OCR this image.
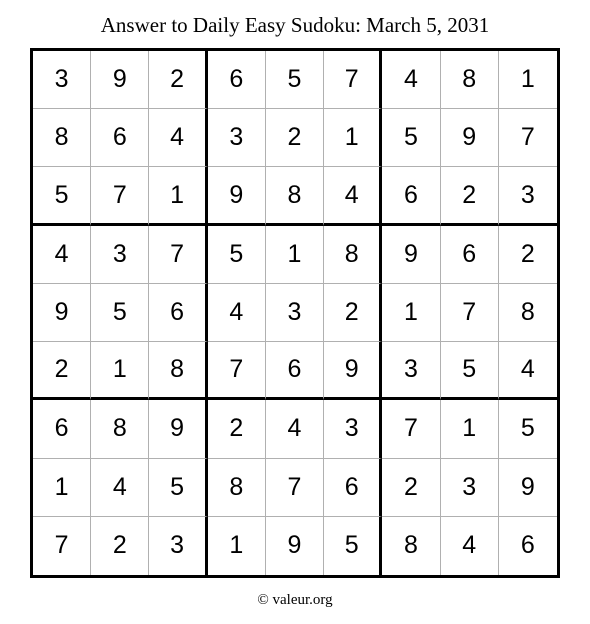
Answer to Daily Easy Sudoku: March 5, 2031
3	9	2	6	5	7	4	8	1
8	6	4	3	2	1	5	9	7
5	7	1	9	8	4	6	2	3
4	3	7	5	1	8	9	6	2
9	5	6	4	3	2	1	7	8
2	1	8	7	6	9	3	5	4
6	8	9	2	4	3	7	1	5
1	4	5	8	7	6	2	3	9
7	2	3	1	9	5	8	4	6
© valeur.org
